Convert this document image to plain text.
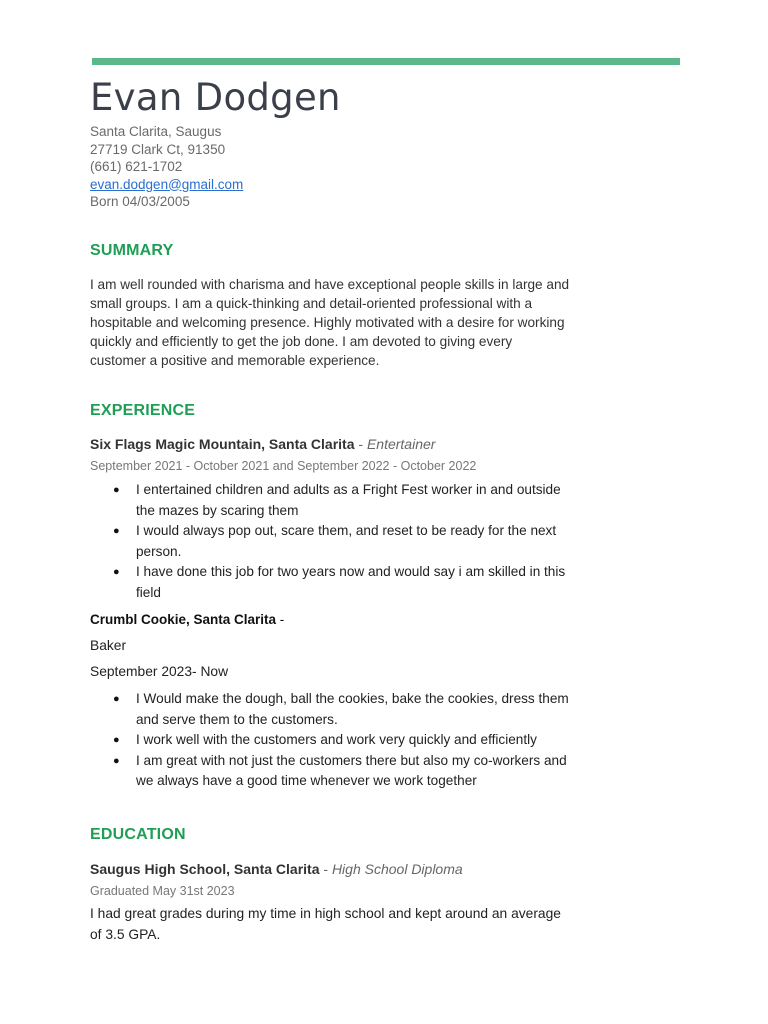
Evan Dodgen
Santa Clarita, Saugus
27719 Clark Ct, 91350
(661) 621-1702
evan.dodgen@gmail.com
Born 04/03/2005
SUMMARY
I am well rounded with charisma and have exceptional people skills in large and small groups. I am a quick-thinking and detail-oriented professional with a hospitable and welcoming presence. Highly motivated with a desire for working quickly and efficiently to get the job done. I am devoted to giving every customer a positive and memorable experience.
EXPERIENCE
Six Flags Magic Mountain, Santa Clarita - Entertainer
September 2021 - October 2021 and September 2022 - October 2022
● I entertained children and adults as a Fright Fest worker in and outside the mazes by scaring them
● I would always pop out, scare them, and reset to be ready for the next person.
● I have done this job for two years now and would say i am skilled in this field
Crumbl Cookie, Santa Clarita -
Baker
September 2023- Now
● I Would make the dough, ball the cookies, bake the cookies, dress them and serve them to the customers.
● I work well with the customers and work very quickly and efficiently
● I am great with not just the customers there but also my co-workers and we always have a good time whenever we work together
EDUCATION
Saugus High School, Santa Clarita - High School Diploma
Graduated May 31st 2023
I had great grades during my time in high school and kept around an average of 3.5 GPA.
